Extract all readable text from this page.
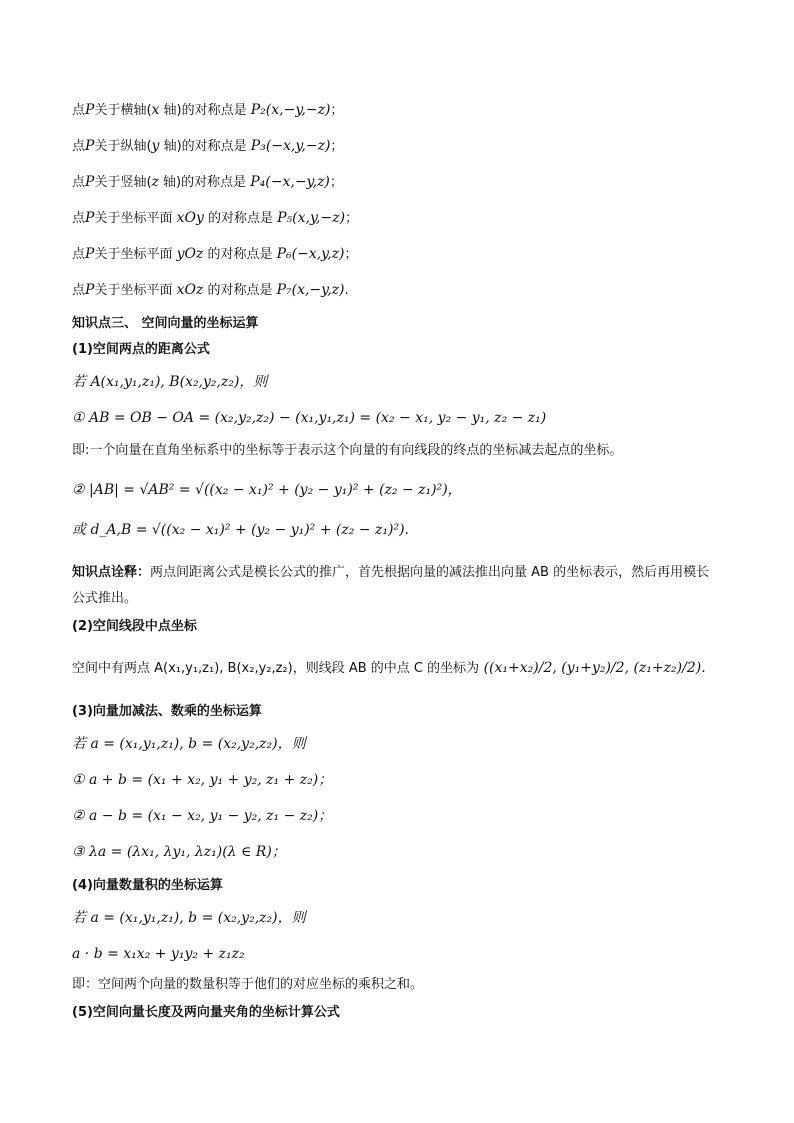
点P关于横轴(x 轴)的对称点是 P₂(x,−y,−z)；
点P关于纵轴(y 轴)的对称点是 P₃(−x,y,−z)；
点P关于竖轴(z 轴)的对称点是 P₄(−x,−y,z)；
点P关于坐标平面 xOy 的对称点是 P₅(x,y,−z)；
点P关于坐标平面 yOz 的对称点是 P₆(−x,y,z)；
点P关于坐标平面 xOz 的对称点是 P₇(x,−y,z).
知识点三、 空间向量的坐标运算
(1)空间两点的距离公式
若 A(x₁,y₁,z₁), B(x₂,y₂,z₂)，则
① AB = OB − OA = (x₂,y₂,z₂) − (x₁,y₁,z₁) = (x₂ − x₁, y₂ − y₁, z₂ − z₁)
即:一个向量在直角坐标系中的坐标等于表示这个向量的有向线段的终点的坐标减去起点的坐标。
② |AB| = √AB² = √((x₂ − x₁)² + (y₂ − y₁)² + (z₂ − z₁)²)，
或 d_A,B = √((x₂ − x₁)² + (y₂ − y₁)² + (z₂ − z₁)²).
知识点诠释：两点间距离公式是模长公式的推广，首先根据向量的减法推出向量 AB 的坐标表示，然后再用模长公式推出。
(2)空间线段中点坐标
空间中有两点 A(x₁,y₁,z₁), B(x₂,y₂,z₂)，则线段 AB 的中点 C 的坐标为 ((x₁+x₂)/2, (y₁+y₂)/2, (z₁+z₂)/2).
(3)向量加减法、数乘的坐标运算
若 a = (x₁,y₁,z₁), b = (x₂,y₂,z₂)，则
① a + b = (x₁ + x₂, y₁ + y₂, z₁ + z₂)；
② a − b = (x₁ − x₂, y₁ − y₂, z₁ − z₂)；
③ λa = (λx₁, λy₁, λz₁)(λ ∈ R)；
(4)向量数量积的坐标运算
若 a = (x₁,y₁,z₁), b = (x₂,y₂,z₂)，则
a · b = x₁x₂ + y₁y₂ + z₁z₂
即：空间两个向量的数量积等于他们的对应坐标的乘积之和。
(5)空间向量长度及两向量夹角的坐标计算公式
